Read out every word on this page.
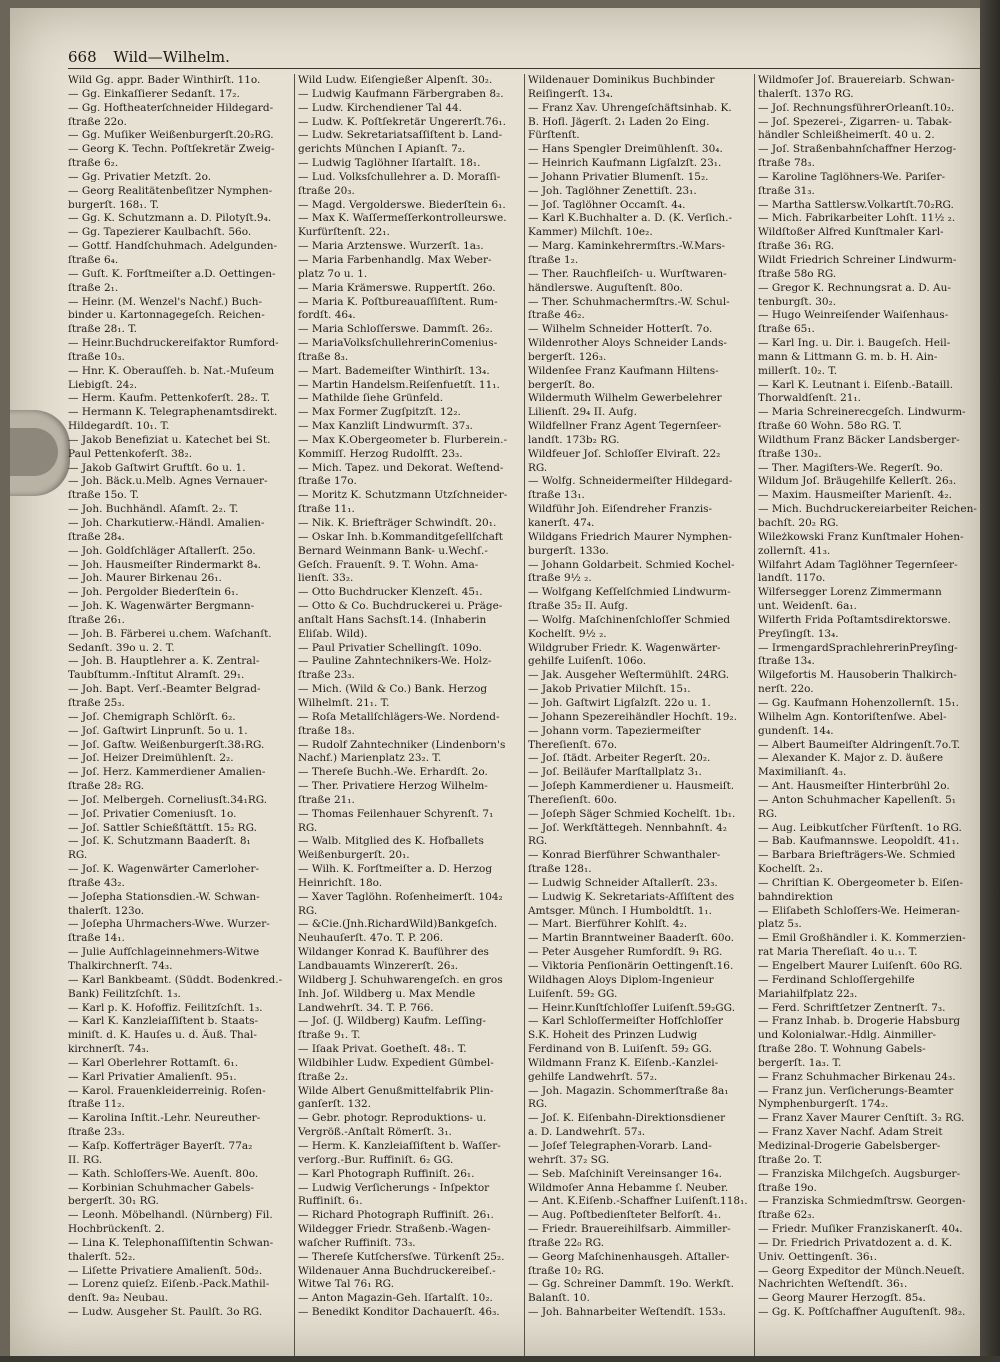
668 Wild—Wilhelm.
Wild Gg. appr. Bader Winthirſt. 11o.
— Gg. Einkaſſierer Sedanſt. 17₂.
— Gg. Hoftheaterſchneider Hildegard-
ſtraße 22o.
— Gg. Muſiker Weißenburgerſt.20₂RG.
— Georg K. Techn. Poſtſekretär Zweig-
ſtraße 6₂.
— Gg. Privatier Metzſt. 2o.
— Georg Realitätenbeſitzer Nymphen-
burgerſt. 168₁. T.
— Gg. K. Schutzmann a. D. Pilotyſt.9₄.
— Gg. Tapezierer Kaulbachſt. 56o.
— Gottf. Handſchuhmach. Adelgunden-
ſtraße 6₄.
— Guſt. K. Forſtmeiſter a.D. Oettingen-
ſtraße 2₁.
— Heinr. (M. Wenzel's Nachf.) Buch-
binder u. Kartonnagegeſch. Reichen-
ſtraße 28₁. T.
— Heinr.Buchdruckereifaktor Rumford-
ſtraße 10₃.
— Hnr. K. Oberauſſeh. b. Nat.-Muſeum
Liebigſt. 24₂.
— Herm. Kaufm. Pettenkoferſt. 28₂. T.
— Hermann K. Telegraphenamtsdirekt.
Hildegardſt. 10₁. T.
— Jakob Benefiziat u. Katechet bei St.
Paul Pettenkoferſt. 38₂.
— Jakob Gaſtwirt Gruftſt. 6o u. 1.
— Joh. Bäck.u.Melb. Agnes Vernauer-
ſtraße 15o. T.
— Joh. Buchhändl. Aſamſt. 2₂. T.
— Joh. Charkutierw.-Händl. Amalien-
ſtraße 28₄.
— Joh. Goldſchläger Aſtallerſt. 25o.
— Joh. Hausmeiſter Rindermarkt 8₄.
— Joh. Maurer Birkenau 26₁.
— Joh. Pergolder Biederſtein 6₁.
— Joh. K. Wagenwärter Bergmann-
ſtraße 26₁.
— Joh. B. Färberei u.chem. Waſchanſt.
Sedanſt. 39o u. 2. T.
— Joh. B. Hauptlehrer a. K. Zentral-
Taubſtumm.-Inſtitut Alramſt. 29₁.
— Joh. Bapt. Verſ.-Beamter Belgrad-
ſtraße 25₃.
— Joſ. Chemigraph Schlörſt. 6₂.
— Joſ. Gaſtwirt Linprunſt. 5o u. 1.
— Joſ. Gaſtw. Weißenburgerſt.38₁RG.
— Joſ. Heizer Dreimühlenſt. 2₂.
— Joſ. Herz. Kammerdiener Amalien-
ſtraße 28₂ RG.
— Joſ. Melbergeh. Corneliusſt.34₁RG.
— Joſ. Privatier Comeniusſt. 1o.
— Joſ. Sattler Schießſtättſt. 15₂ RG.
— Joſ. K. Schutzmann Baaderſt. 8₁
RG.
— Joſ. K. Wagenwärter Camerloher-
ſtraße 43₂.
— Joſepha Stationsdien.-W. Schwan-
thalerſt. 123o.
— Joſepha Uhrmachers-Wwe. Wurzer-
ſtraße 14₁.
— Julie Aufſchlageinnehmers-Witwe
Thalkirchnerſt. 74₃.
— Karl Bankbeamt. (Süddt. Bodenkred.-
Bank) Feilitzſchſt. 1₃.
— Karl p. K. Hofoffiz. Feilitzſchſt. 1₃.
— Karl K. Kanzleiaſſiſtent b. Staats-
miniſt. d. K. Hauſes u. d. Äuß. Thal-
kirchnerſt. 74₃.
— Karl Oberlehrer Rottamſt. 6₁.
— Karl Privatier Amalienſt. 95₁.
— Karol. Frauenkleiderreinig. Roſen-
ſtraße 11₂.
— Karolina Inſtit.-Lehr. Neureuther-
ſtraße 23₃.
— Kaſp. Kofferträger Bayerſt. 77a₂
II. RG.
— Kath. Schloſſers-We. Auenſt. 80o.
— Korbinian Schuhmacher Gabels-
bergerſt. 30₁ RG.
— Leonh. Möbelhandl. (Nürnberg) Fil.
Hochbrückenſt. 2.
— Lina K. Telephonaſſiſtentin Schwan-
thalerſt. 52₂.
— Liſette Privatiere Amalienſt. 50d₂.
— Lorenz quieſz. Eiſenb.-Pack.Mathil-
denſt. 9a₂ Neubau.
— Ludw. Ausgeher St. Paulſt. 3o RG.
Wild Ludw. Eiſengießer Alpenſt. 30₂.
— Ludwig Kaufmann Färbergraben 8₂.
— Ludw. Kirchendiener Tal 44.
— Ludw. K. Poſtſekretär Ungererſt.76₁.
— Ludw. Sekretariatsaſſiſtent b. Land-
gerichts München I Apianſt. 7₂.
— Ludwig Taglöhner Iſartalſt. 18₁.
— Lud. Volksſchullehrer a. D. Moraſſi-
ſtraße 20₃.
— Magd. Vergolderswe. Biederſtein 6₁.
— Max K. Waſſermeſſerkontrolleurswe.
Kurfürſtenſt. 22₁.
— Maria Arztenswe. Wurzerſt. 1a₃.
— Maria Farbenhandlg. Max Weber-
platz 7o u. 1.
— Maria Krämerswe. Ruppertſt. 26o.
— Maria K. Poſtbureauaſſiſtent. Rum-
fordſt. 46₄.
— Maria Schloſſerswe. Dammſt. 26₂.
— MariaVolksſchullehrerinComenius-
ſtraße 8₃.
— Mart. Bademeiſter Winthirſt. 13₄.
— Martin Handelsm.Reiſenfuetſt. 11₁.
— Mathilde ſiehe Grünfeld.
— Max Former Zugſpitzſt. 12₂.
— Max Kanzliſt Lindwurmſt. 37₃.
— Max K.Obergeometer b. Flurberein.-
Kommiſſ. Herzog Rudolfſt. 23₃.
— Mich. Tapez. und Dekorat. Weſtend-
ſtraße 17o.
— Moritz K. Schutzmann Utzſchneider-
ſtraße 11₁.
— Nik. K. Briefträger Schwindſt. 20₁.
— Oskar Inh. b.Kommanditgeſellſchaft
Bernard Weinmann Bank- u.Wechſ.-
Geſch. Frauenſt. 9. T. Wohn. Ama-
lienſt. 33₂.
— Otto Buchdrucker Klenzeſt. 45₁.
— Otto & Co. Buchdruckerei u. Präge-
anſtalt Hans Sachsſt.14. (Inhaberin
Eliſab. Wild).
— Paul Privatier Schellingſt. 109o.
— Pauline Zahntechnikers-We. Holz-
ſtraße 23₃.
— Mich. (Wild & Co.) Bank. Herzog
Wilhelmſt. 21₁. T.
— Roſa Metallſchlägers-We. Nordend-
ſtraße 18₃.
— Rudolf Zahntechniker (Lindenborn's
Nachf.) Marienplatz 23₂. T.
— Thereſe Buchh.-We. Erhardſt. 2o.
— Ther. Privatiere Herzog Wilhelm-
ſtraße 21₁.
— Thomas Feilenhauer Schyrenſt. 7₁
RG.
— Walb. Mitglied des K. Hofballets
Weißenburgerſt. 20₁.
— Wilh. K. Forſtmeiſter a. D. Herzog
Heinrichſt. 18o.
— Xaver Taglöhn. Roſenheimerſt. 104₂
RG.
— &Cie.(Jnh.RichardWild)Bankgeſch.
Neuhauſerſt. 47o. T. P. 206.
Wildanger Konrad K. Bauführer des
Landbauamts Winzererſt. 26₃.
Wildberg J. Schuhwarengeſch. en gros
Inh. Joſ. Wildberg u. Max Mendle
Landwehrſt. 34. T. P. 766.
— Joſ. (J. Wildberg) Kaufm. Leſſing-
ſtraße 9₁. T.
— Iſaak Privat. Goetheſt. 48₁. T.
Wildbihler Ludw. Expedient Gümbel-
ſtraße 2₂.
Wilde Albert Genußmittelfabrik Plin-
ganſerſt. 132.
— Gebr. photogr. Reproduktions- u.
Vergröß.-Anſtalt Römerſt. 3₁.
— Herm. K. Kanzleiaſſiſtent b. Waſſer-
verſorg.-Bur. Ruffiniſt. 6₂ GG.
— Karl Photograph Ruffiniſt. 26₁.
— Ludwig Verſicherungs - Inſpektor
Ruffiniſt. 6₁.
— Richard Photograph Ruffiniſt. 26₁.
Wildegger Friedr. Straßenb.-Wagen-
waſcher Ruffiniſt. 73₃.
— Thereſe Kutſchersſwe. Türkenſt 25₂.
Wildenauer Anna Buchdruckereibeſ.-
Witwe Tal 76₁ RG.
— Anton Magazin-Geh. Iſartalſt. 10₂.
— Benedikt Konditor Dachauerſt. 46₃.
Wildenauer Dominikus Buchbinder
Reiſingerſt. 13₄.
— Franz Xav. Uhrengeſchäftsinhab. K.
B. Hofl. Jägerſt. 2₁ Laden 2o Eing.
Fürſtenſt.
— Hans Spengler Dreimühlenſt. 30₄.
— Heinrich Kaufmann Ligſalzſt. 23₁.
— Johann Privatier Blumenſt. 15₂.
— Joh. Taglöhner Zenettiſt. 23₁.
— Joſ. Taglöhner Occamſt. 4₄.
— Karl K.Buchhalter a. D. (K. Verſich.-
Kammer) Milchſt. 10e₂.
— Marg. Kaminkehrermſtrs.-W.Mars-
ſtraße 1₂.
— Ther. Rauchfleiſch- u. Wurſtwaren-
händlerswe. Auguſtenſt. 80o.
— Ther. Schuhmachermſtrs.-W. Schul-
ſtraße 46₂.
— Wilhelm Schneider Hotterſt. 7o.
Wildenrother Aloys Schneider Lands-
bergerſt. 126₃.
Wildenſee Franz Kaufmann Hiltens-
bergerſt. 8o.
Wildermuth Wilhelm Gewerbelehrer
Lilienſt. 29₄ II. Aufg.
Wildfellner Franz Agent Tegernſeer-
landſt. 173b₂ RG.
Wildfeuer Joſ. Schloſſer Elviraſt. 22₂
RG.
— Wolfg. Schneidermeiſter Hildegard-
ſtraße 13₁.
Wildführ Joh. Eiſendreher Franzis-
kanerſt. 47₄.
Wildgans Friedrich Maurer Nymphen-
burgerſt. 133o.
— Johann Goldarbeit. Schmied Kochel-
ſtraße 9½ ₂.
— Wolfgang Keſſelſchmied Lindwurm-
ſtraße 35₂ II. Aufg.
— Wolfg. Maſchinenſchloſſer Schmied
Kochelſt. 9½ ₂.
Wildgruber Friedr. K. Wagenwärter-
gehilfe Luiſenſt. 106o.
— Jak. Ausgeher Weſtermühlſt. 24RG.
— Jakob Privatier Milchſt. 15₁.
— Joh. Gaſtwirt Ligſalzſt. 22o u. 1.
— Johann Spezereihändler Hochſt. 19₂.
— Johann vorm. Tapeziermeiſter
Thereſienſt. 67o.
— Joſ. ſtädt. Arbeiter Regerſt. 20₂.
— Joſ. Beiläufer Marſtallplatz 3₁.
— Joſeph Kammerdiener u. Hausmeiſt.
Thereſienſt. 60o.
— Joſeph Säger Schmied Kochelſt. 1b₁.
— Joſ. Werkſtättegeh. Nennbahnſt. 4₂
RG.
— Konrad Bierführer Schwanthaler-
ſtraße 128₁.
— Ludwig Schneider Aſtallerſt. 23₃.
— Ludwig K. Sekretariats-Aſſiſtent des
Amtsger. Münch. I Humboldtſt. 1₁.
— Mart. Bierführer Kohlſt. 4₂.
— Martin Branntweiner Baaderſt. 60o.
— Peter Ausgeher Rumfordſt. 9₁ RG.
— Viktoria Penſionärin Oettingenſt.16.
Wildhagen Aloys Diplom-Ingenieur
Luiſenſt. 59₂ GG.
— Heinr.Kunſtſchloſſer Luiſenſt.59₂GG.
— Karl Schloſſermeiſter Hofſchloſſer
S.K. Hoheit des Prinzen Ludwig
Ferdinand von B. Luiſenſt. 59₂ GG.
Wildmann Franz K. Eiſenb.-Kanzlei-
gehilfe Landwehrſt. 57₂.
— Joh. Magazin. Schommerſtraße 8a₁
RG.
— Joſ. K. Eiſenbahn-Direktionsdiener
a. D. Landwehrſt. 57₃.
— Joſef Telegraphen-Vorarb. Land-
wehrſt. 37₂ SG.
— Seb. Maſchiniſt Vereinsanger 16₄.
Wildmoſer Anna Hebamme ſ. Neuber.
— Ant. K.Eiſenb.-Schaffner Luiſenſt.118₁.
— Aug. Poſtbedienſteter Belforſt. 4₁.
— Friedr. Brauereihilfsarb. Aimmiller-
ſtraße 22₀ RG.
— Georg Maſchinenhausgeh. Aſtaller-
ſtraße 10₂ RG.
— Gg. Schreiner Dammſt. 19o. Werkſt.
Balanſt. 10.
— Joh. Bahnarbeiter Weſtendſt. 153₃.
Wildmoſer Joſ. Brauereiarb. Schwan-
thalerſt. 137o RG.
— Joſ. RechnungsführerOrleanſt.10₂.
— Joſ. Spezerei-, Zigarren- u. Tabak-
händler Schleißheimerſt. 40 u. 2.
— Joſ. Straßenbahnſchaffner Herzog-
ſtraße 78₃.
— Karoline Taglöhners-We. Pariſer-
ſtraße 31₃.
— Martha Sattlersw.Volkartſt.70₂RG.
— Mich. Fabrikarbeiter Lohſt. 11½ ₂.
Wildſtoßer Alfred Kunſtmaler Karl-
ſtraße 36₁ RG.
Wildt Friedrich Schreiner Lindwurm-
ſtraße 58o RG.
— Gregor K. Rechnungsrat a. D. Au-
tenburgſt. 30₂.
— Hugo Weinreiſender Waiſenhaus-
ſtraße 65₁.
— Karl Ing. u. Dir. i. Baugeſch. Heil-
mann & Littmann G. m. b. H. Ain-
millerſt. 10₂. T.
— Karl K. Leutnant i. Eiſenb.-Bataill.
Thorwaldſenſt. 21₁.
— Maria Schreinerecgeſch. Lindwurm-
ſtraße 60 Wohn. 58o RG. T.
Wildthum Franz Bäcker Landsberger-
ſtraße 130₂.
— Ther. Magiſters-We. Regerſt. 9o.
Wildum Joſ. Bräugehilfe Kellerſt. 26₃.
— Maxim. Hausmeiſter Marienſt. 4₂.
— Mich. Buchdruckereiarbeiter Reichen-
bachſt. 20₂ RG.
Wileżkowski Franz Kunſtmaler Hohen-
zollernſt. 41₃.
Wilfahrt Adam Taglöhner Tegernſeer-
landſt. 117o.
Wilfersegger Lorenz Zimmermann
unt. Weidenſt. 6a₁.
Wilferth Frida Poſtamtsdirektorswe.
Preyſingſt. 13₄.
— IrmengardSprachlehrerinPreyſing-
ſtraße 13₄.
Wilgefortis M. Hausoberin Thalkirch-
nerſt. 22o.
— Gg. Kaufmann Hohenzollernſt. 15₁.
Wilhelm Agn. Kontoriſtenſwe. Abel-
gundenſt. 14₄.
— Albert Baumeiſter Aldringenſt.7o.T.
— Alexander K. Major z. D. äußere
Maximilianſt. 4₃.
— Ant. Hausmeiſter Hinterbrühl 2o.
— Anton Schuhmacher Kapellenſt. 5₁
RG.
— Aug. Leibkutſcher Fürſtenſt. 1o RG.
— Bab. Kaufmannswe. Leopoldſt. 41₁.
— Barbara Briefträgers-We. Schmied
Kochelſt. 2₃.
— Chriſtian K. Obergeometer b. Eiſen-
bahndirektion
— Eliſabeth Schloſſers-We. Heimeran-
platz 5₃.
— Emil Großhändler i. K. Kommerzien-
rat Maria Thereſiaſt. 4o u.₁. T.
— Engelbert Maurer Luiſenſt. 60o RG.
— Ferdinand Schloſſergehilfe
Mariahilfplatz 22₃.
— Ferd. Schriftſetzer Zentnerſt. 7₃.
— Franz Inhab. b. Drogerie Habsburg
und Kolonialwar.-Hdlg. Ainmiller-
ſtraße 28o. T. Wohnung Gabels-
bergerſt. 1a₃. T.
— Franz Schuhmacher Birkenau 24₃.
— Franz jun. Verſicherungs-Beamter
Nymphenburgerſt. 174₂.
— Franz Xaver Maurer Cenſtiſt. 3₂ RG.
— Franz Xaver Nachf. Adam Streit
Medizinal-Drogerie Gabelsberger-
ſtraße 2o. T.
— Franziska Milchgeſch. Augsburger-
ſtraße 19o.
— Franziska Schmiedmſtrsw. Georgen-
ſtraße 62₃.
— Friedr. Muſiker Franziskanerſt. 40₄.
— Dr. Friedrich Privatdozent a. d. K.
Univ. Oettingenſt. 36₁.
— Georg Expeditor der Münch.Neueſt.
Nachrichten Weſtendſt. 36₁.
— Georg Maurer Herzogſt. 85₄.
— Gg. K. Poſtſchaffner Auguſtenſt. 98₂.
